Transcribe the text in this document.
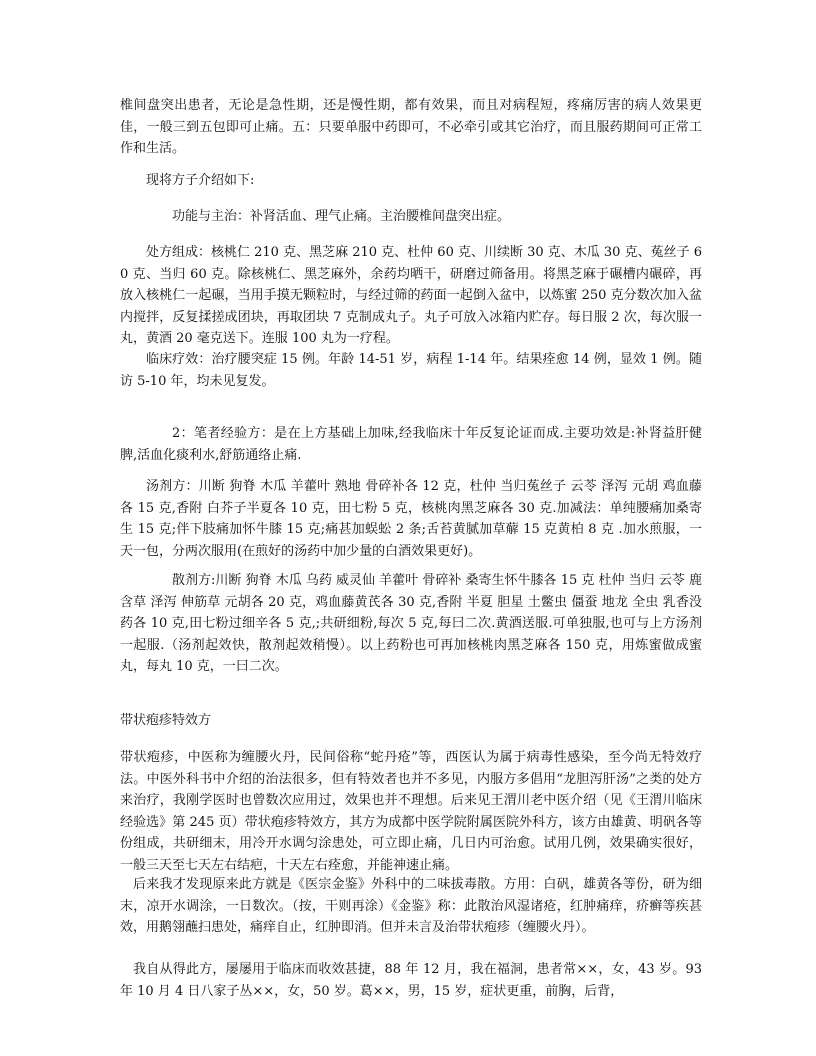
椎间盘突出患者，无论是急性期，还是慢性期，都有效果，而且对病程短，疼痛厉害的病人效果更佳，一般三到五包即可止痛。五：只要单服中药即可，不必牵引或其它治疗，而且服药期间可正常工作和生活。

现将方子介绍如下:

功能与主治：补肾活血、理气止痛。主治腰椎间盘突出症。

处方组成：核桃仁 210 克、黑芝麻 210 克、杜仲 60 克、川续断 30 克、木瓜 30 克、菟丝子 60 克、当归 60 克。除核桃仁、黑芝麻外，余药均晒干，研磨过筛备用。将黑芝麻于碾槽内碾碎，再放入核桃仁一起碾，当用手摸无颗粒时，与经过筛的药面一起倒入盆中，以炼蜜 250 克分数次加入盆内搅拌，反复揉搓成团块，再取团块 7 克制成丸子。丸子可放入冰箱内贮存。每日服 2 次，每次服一丸，黄酒 20 毫克送下。连服 100 丸为一疗程。

临床疗效：治疗腰突症 15 例。年龄 14-51 岁，病程 1-14 年。结果痊愈 14 例，显效 1 例。随访 5-10 年，均未见复发。

2：笔者经验方：是在上方基础上加味,经我临床十年反复论证而成.主要功效是:补肾益肝健脾,活血化痰利水,舒筋通络止痛.

汤剂方：川断 狗脊 木瓜 羊藿叶 熟地 骨碎补各 12 克，杜仲 当归菟丝子 云苓 泽泻 元胡 鸡血藤 各 15 克,香附 白芥子半夏各 10 克，田七粉 5 克，核桃肉黑芝麻各 30 克.加减法：单纯腰痛加桑寄生 15 克;伴下肢痛加怀牛膝 15 克;痛甚加蜈蚣 2 条;舌苔黄腻加草薢 15 克黄柏 8 克 .加水煎服，一天一包，分两次服用(在煎好的汤药中加少量的白酒效果更好)。

散剂方:川断 狗脊 木瓜 乌药 威灵仙 羊藿叶 骨碎补 桑寄生怀牛膝各 15 克 杜仲 当归 云苓 鹿含草 泽泻 伸筋草 元胡各 20 克，鸡血藤黄芪各 30 克,香附 半夏 胆星 土鳖虫 僵蚕 地龙 全虫 乳香没药各 10 克,田七粉过细辛各 5 克,;共研细粉,每次 5 克,每曰二次.黄酒送服.可单独服,也可与上方汤剂一起服.（汤剂起效快，散剂起效稍慢）。以上药粉也可再加核桃肉黑芝麻各 150 克，用炼蜜做成蜜丸，每丸 10 克，一曰二次。

带状疱疹特效方

带状疱疹，中医称为缠腰火丹，民间俗称“蛇丹疮”等，西医认为属于病毒性感染，至今尚无特效疗法。中医外科书中介绍的治法很多，但有特效者也并不多见，内服方多倡用“龙胆泻肝汤”之类的处方来治疗，我刚学医时也曾数次应用过，效果也并不理想。后来见王渭川老中医介绍（见《王渭川临床经验选》第 245 页）带状疱疹特效方，其方为成都中医学院附属医院外科方，该方由雄黄、明矾各等份组成，共研细末，用冷开水调匀涂患处，可立即止痛，几日内可治愈。试用几例，效果确实很好，一般三天至七天左右结疤，十天左右痊愈，并能神速止痛。

后来我才发现原来此方就是《医宗金鉴》外科中的二味拔毒散。方用：白矾，雄黄各等份，研为细末，凉开水调涂，一日数次。（按，干则再涂）《金鉴》称：此散治风湿诸疮，红肿痛痒，疥癣等疾甚效，用鹅翎蘸扫患处，痛痒自止，红肿即消。但并未言及治带状疱疹（缠腰火丹）。

我自从得此方，屡屡用于临床而收效甚捷，88 年 12 月，我在福洞，患者常××，女，43 岁。93 年 10 月 4 日八家子丛××，女，50 岁。葛××，男，15 岁，症状更重，前胸，后背，
